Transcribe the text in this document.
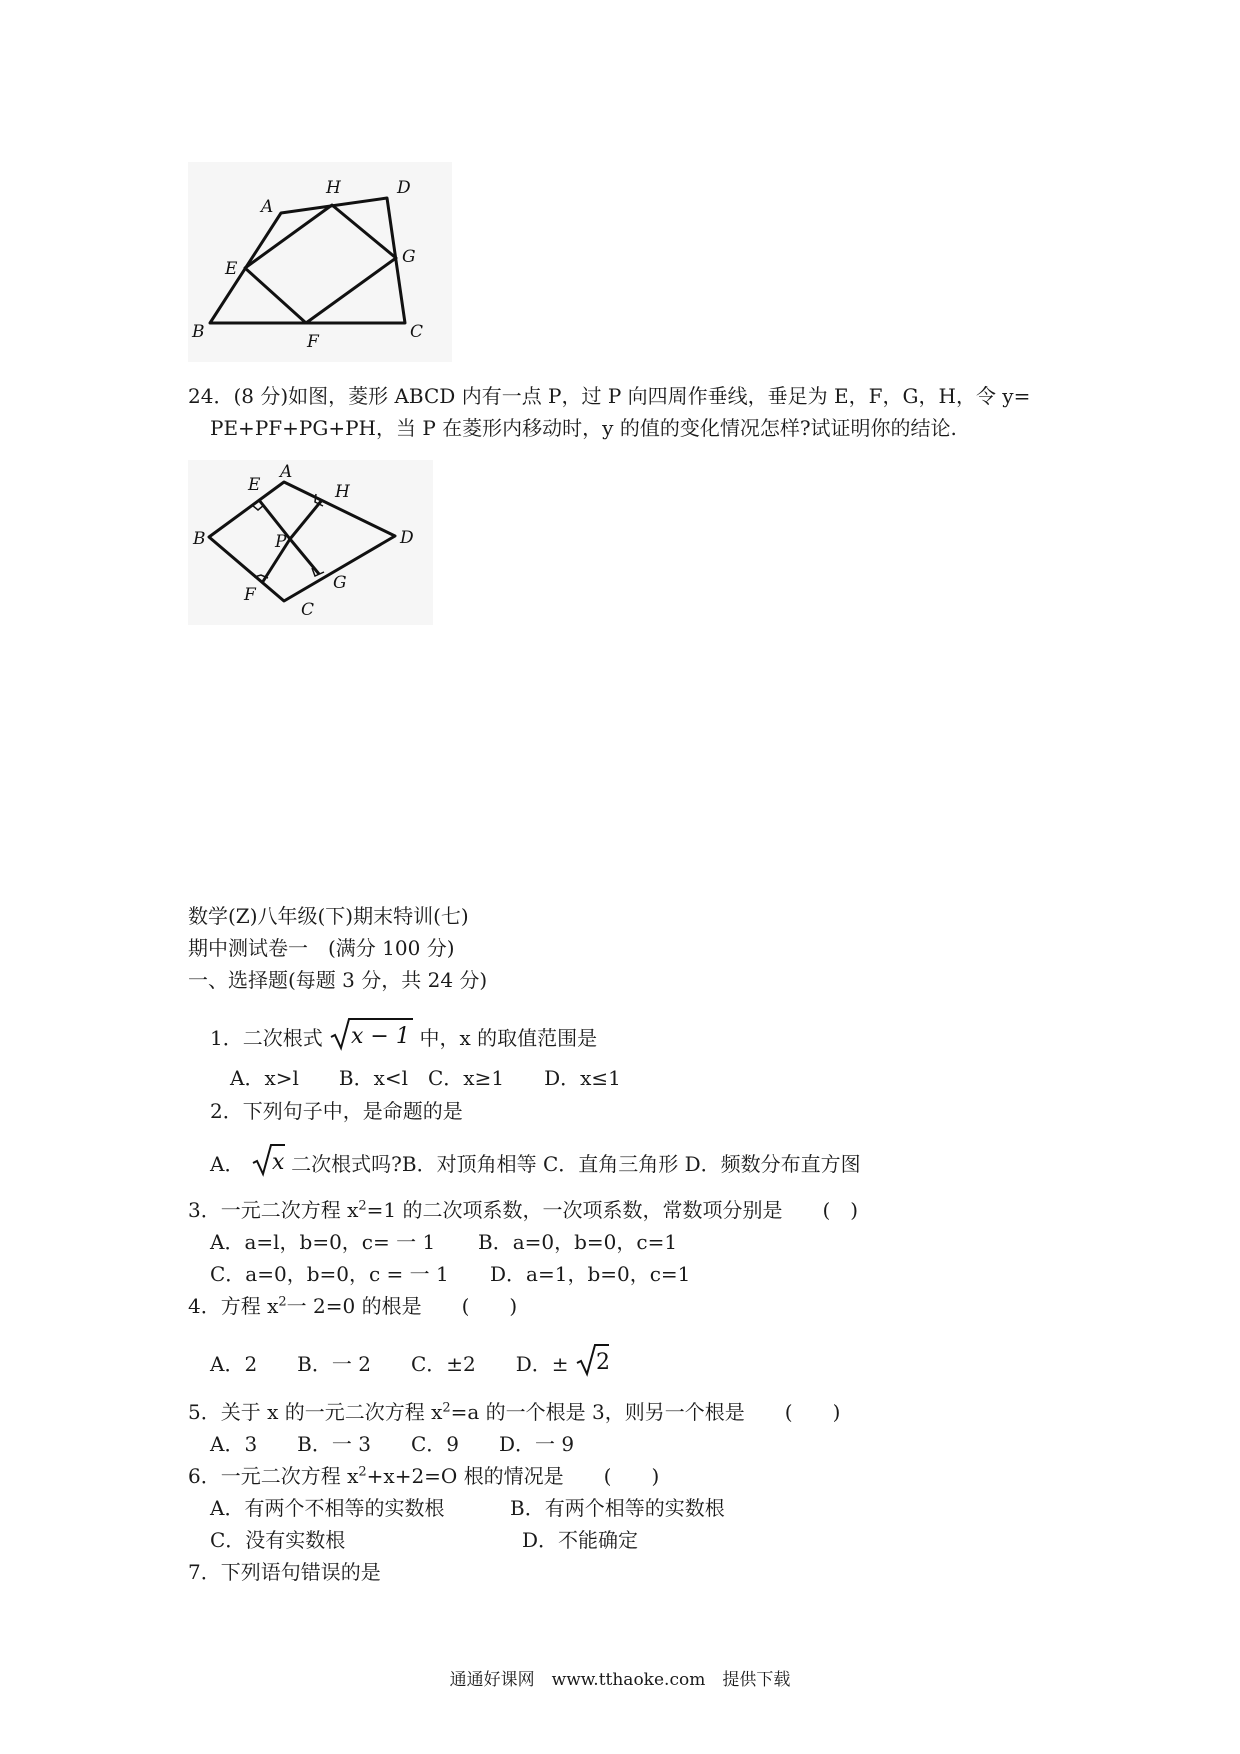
A
H	D
E
G
B	F	C
24．(8 分)如图，菱形 ABCD 内有一点 P，过 P 向四周作垂线，垂足为 E，F，G，H，令 y=
PE+PF+PG+PH，当 P 在菱形内移动时，y 的值的变化情况怎样?试证明你的结论.
A
E	H
B	P	D
F
G
C
数学(Z)八年级(下)期末特训(七)
期中测试卷一　(满分 100 分)
一、选择题(每题 3 分，共 24 分)
1．二次根式 x − 1 中，x 的取值范围是
A．x>l　　B．x<l　C．x≥1　　D．x≤1
2．下列句子中，是命题的是
A． x 二次根式吗?B．对顶角相等 C．直角三角形 D．频数分布直方图
3．一元二次方程 $x^2=1$ 的二次项系数，一次项系数，常数项分别是　　(　)
A．a=l，b=0，c= 一 1 B．a=0，b=0，c=1
C．a=0，b=0，c = 一 1 D．a=1，b=0，c=1
4．方程 $x^2$一 2=0 的根是　　(　　)
A．2　　B．一 2　　C．±2　　D．± 2
5．关于 x 的一元二次方程 $x^2=a$ 的一个根是 3，则另一个根是　　(　　)
A．3　　B．一 3　　C．9　　D．一 9
6．一元二次方程 $x^2+x+2=O$ 根的情况是　　(　　)
A．有两个不相等的实数根	B．有两个相等的实数根
C．没有实数根	D．不能确定
7．下列语句错误的是
通通好课网　www.tthaoke.com　提供下载
